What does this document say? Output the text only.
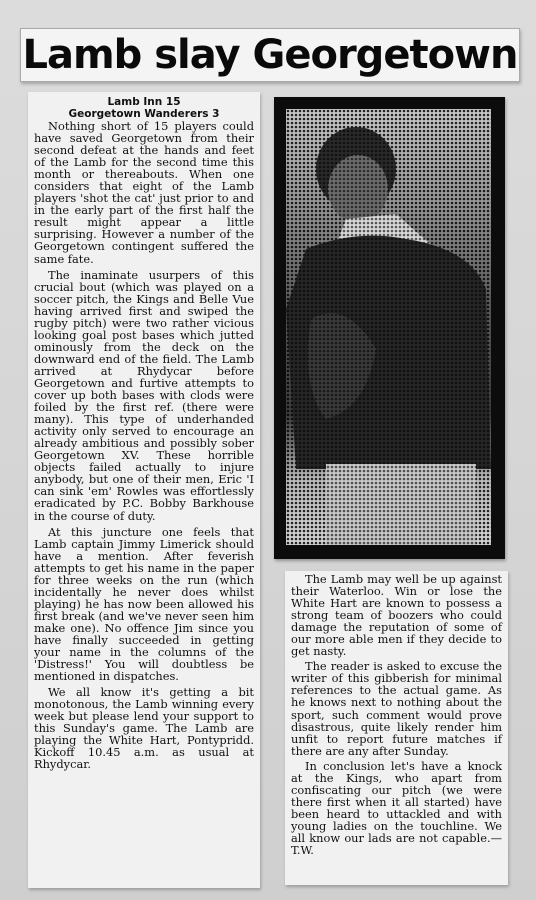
Lamb slay Georgetown
Lamb Inn 15
Georgetown Wanderers 3

Nothing short of 15 players could have saved Georgetown from their second defeat at the hands and feet of the Lamb for the second time this month or thereabouts. When one considers that eight of the Lamb players 'shot the cat' just prior to and in the early part of the first half the result might appear a little surprising. However a number of the Georgetown contingent suffered the same fate.

The inaminate usurpers of this crucial bout (which was played on a soccer pitch, the Kings and Belle Vue having arrived first and swiped the rugby pitch) were two rather vicious looking goal post bases which jutted ominously from the deck on the downward end of the field. The Lamb arrived at Rhydycar before Georgetown and furtive attempts to cover up both bases with clods were foiled by the first ref. (there were many). This type of underhanded activity only served to encourage an already ambitious and possibly sober Georgetown XV. These horrible objects failed actually to injure anybody, but one of their men, Eric 'I can sink 'em' Rowles was effortlessly eradicated by P.C. Bobby Barkhouse in the course of duty.

At this juncture one feels that Lamb captain Jimmy Limerick should have a mention. After feverish attempts to get his name in the paper for three weeks on the run (which incidentally he never does whilst playing) he has now been allowed his first break (and we've never seen him make one). No offence Jim since you have finally succeeded in getting your name in the columns of the 'Distress!' You will doubtless be mentioned in dispatches.

We all know it's getting a bit monotonous, the Lamb winning every week but please lend your support to this Sunday's game. The Lamb are playing the White Hart, Pontypridd. Kickoff 10.45 a.m. as usual at Rhydycar.

The Lamb may well be up against their Waterloo. Win or lose the White Hart are known to possess a strong team of boozers who could damage the reputation of some of our more able men if they decide to get nasty.

The reader is asked to excuse the writer of this gibberish for minimal references to the actual game. As he knows next to nothing about the sport, such comment would prove disastrous, quite likely render him unfit to report future matches if there are any after Sunday.

In conclusion let's have a knock at the Kings, who apart from confiscating our pitch (we were there first when it all started) have been heard to uttackled and with young ladies on the touchline. We all know our lads are not capable.—T.W.
